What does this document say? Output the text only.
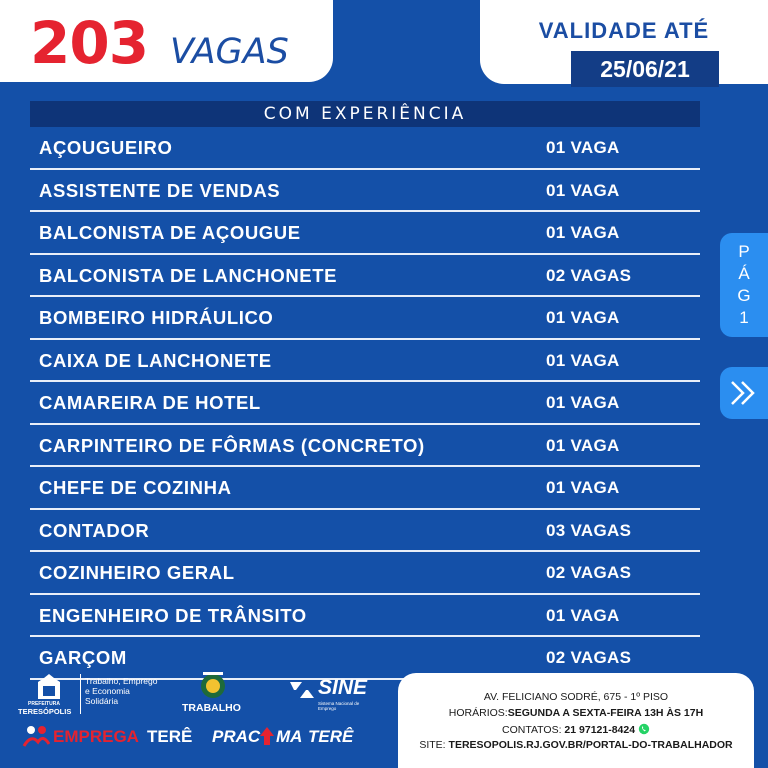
203 VAGAS
VALIDADE ATÉ
25/06/21
COM EXPERIÊNCIA
AÇOUGUEIRO	01 VAGA
ASSISTENTE DE VENDAS	01 VAGA
BALCONISTA DE AÇOUGUE	01 VAGA
BALCONISTA DE LANCHONETE	02 VAGAS
BOMBEIRO HIDRÁULICO	01 VAGA
CAIXA DE LANCHONETE	01 VAGA
CAMAREIRA DE HOTEL	01 VAGA
CARPINTEIRO DE FÔRMAS (CONCRETO)	01 VAGA
CHEFE DE COZINHA	01 VAGA
CONTADOR	03 VAGAS
COZINHEIRO GERAL	02 VAGAS
ENGENHEIRO DE TRÂNSITO	01 VAGA
GARÇOM	02 VAGAS
P
Á
G
1
PREFEITURA
TERESÓPOLIS
Trabalho, Emprego
e Economia
Solidária
TRABALHO
SINE
Sistema Nacional de Emprego
EMPREGA TERÊ PRAC MA TERÊ
AV. FELICIANO SODRÉ, 675 - 1º PISO
HORÁRIOS:SEGUNDA A SEXTA-FEIRA 13H ÀS 17H
CONTATOS: 21 97121-8424
SITE: TERESOPOLIS.RJ.GOV.BR/PORTAL-DO-TRABALHADOR
